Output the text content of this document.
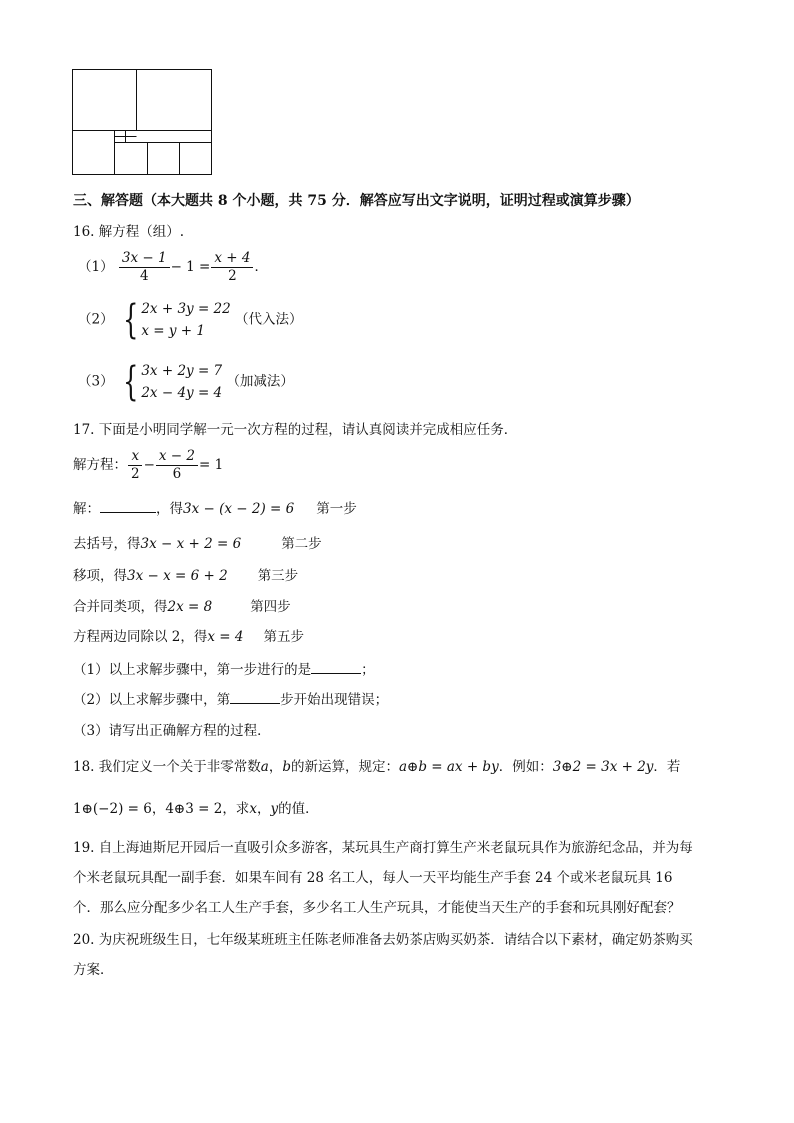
三、解答题（本大题共 8 个小题，共 75 分．解答应写出文字说明，证明过程或演算步骤）
16. 解方程（组）.
$(1) \frac{3x - 1}{4} - 1 = \frac{x + 4}{2}$ ．
（2） { 2x + 3y = 22
x = y + 1
（代入法）
（3） { 3x + 2y = 7
2x − 4y = 4
（加减法）
17. 下面是小明同学解一元一次方程的过程，请认真阅读并完成相应任务．
解方程： $\frac{x}{2} - \frac{x - 2}{6} = 1$
解：	，得3x − (x − 2) = 6 第一步
去括号，得3x − x + 2 = 6	第二步
移项，得3x − x = 6 + 2 第三步
合并同类项，得2x = 8	第四步
方程两边同除以 2，得x = 4 第五步
（1）以上求解步骤中，第一步进行的是	；
（2）以上求解步骤中，第	步开始出现错误；
（3）请写出正确解方程的过程．
18. 我们定义一个关于非零常数a，b的新运算，规定：a⊕b = ax + by．例如：3⊕2 = 3x + 2y．若
1⊕(−2) = 6，4⊕3 = 2，求x，y的值．
19. 自上海迪斯尼开园后一直吸引众多游客，某玩具生产商打算生产米老鼠玩具作为旅游纪念品，并为每
个米老鼠玩具配一副手套．如果车间有 28 名工人，每人一天平均能生产手套 24 个或米老鼠玩具 16
个．那么应分配多少名工人生产手套，多少名工人生产玩具，才能使当天生产的手套和玩具刚好配套？
20. 为庆祝班级生日，七年级某班班主任陈老师准备去奶茶店购买奶茶．请结合以下素材，确定奶茶购买
方案．
